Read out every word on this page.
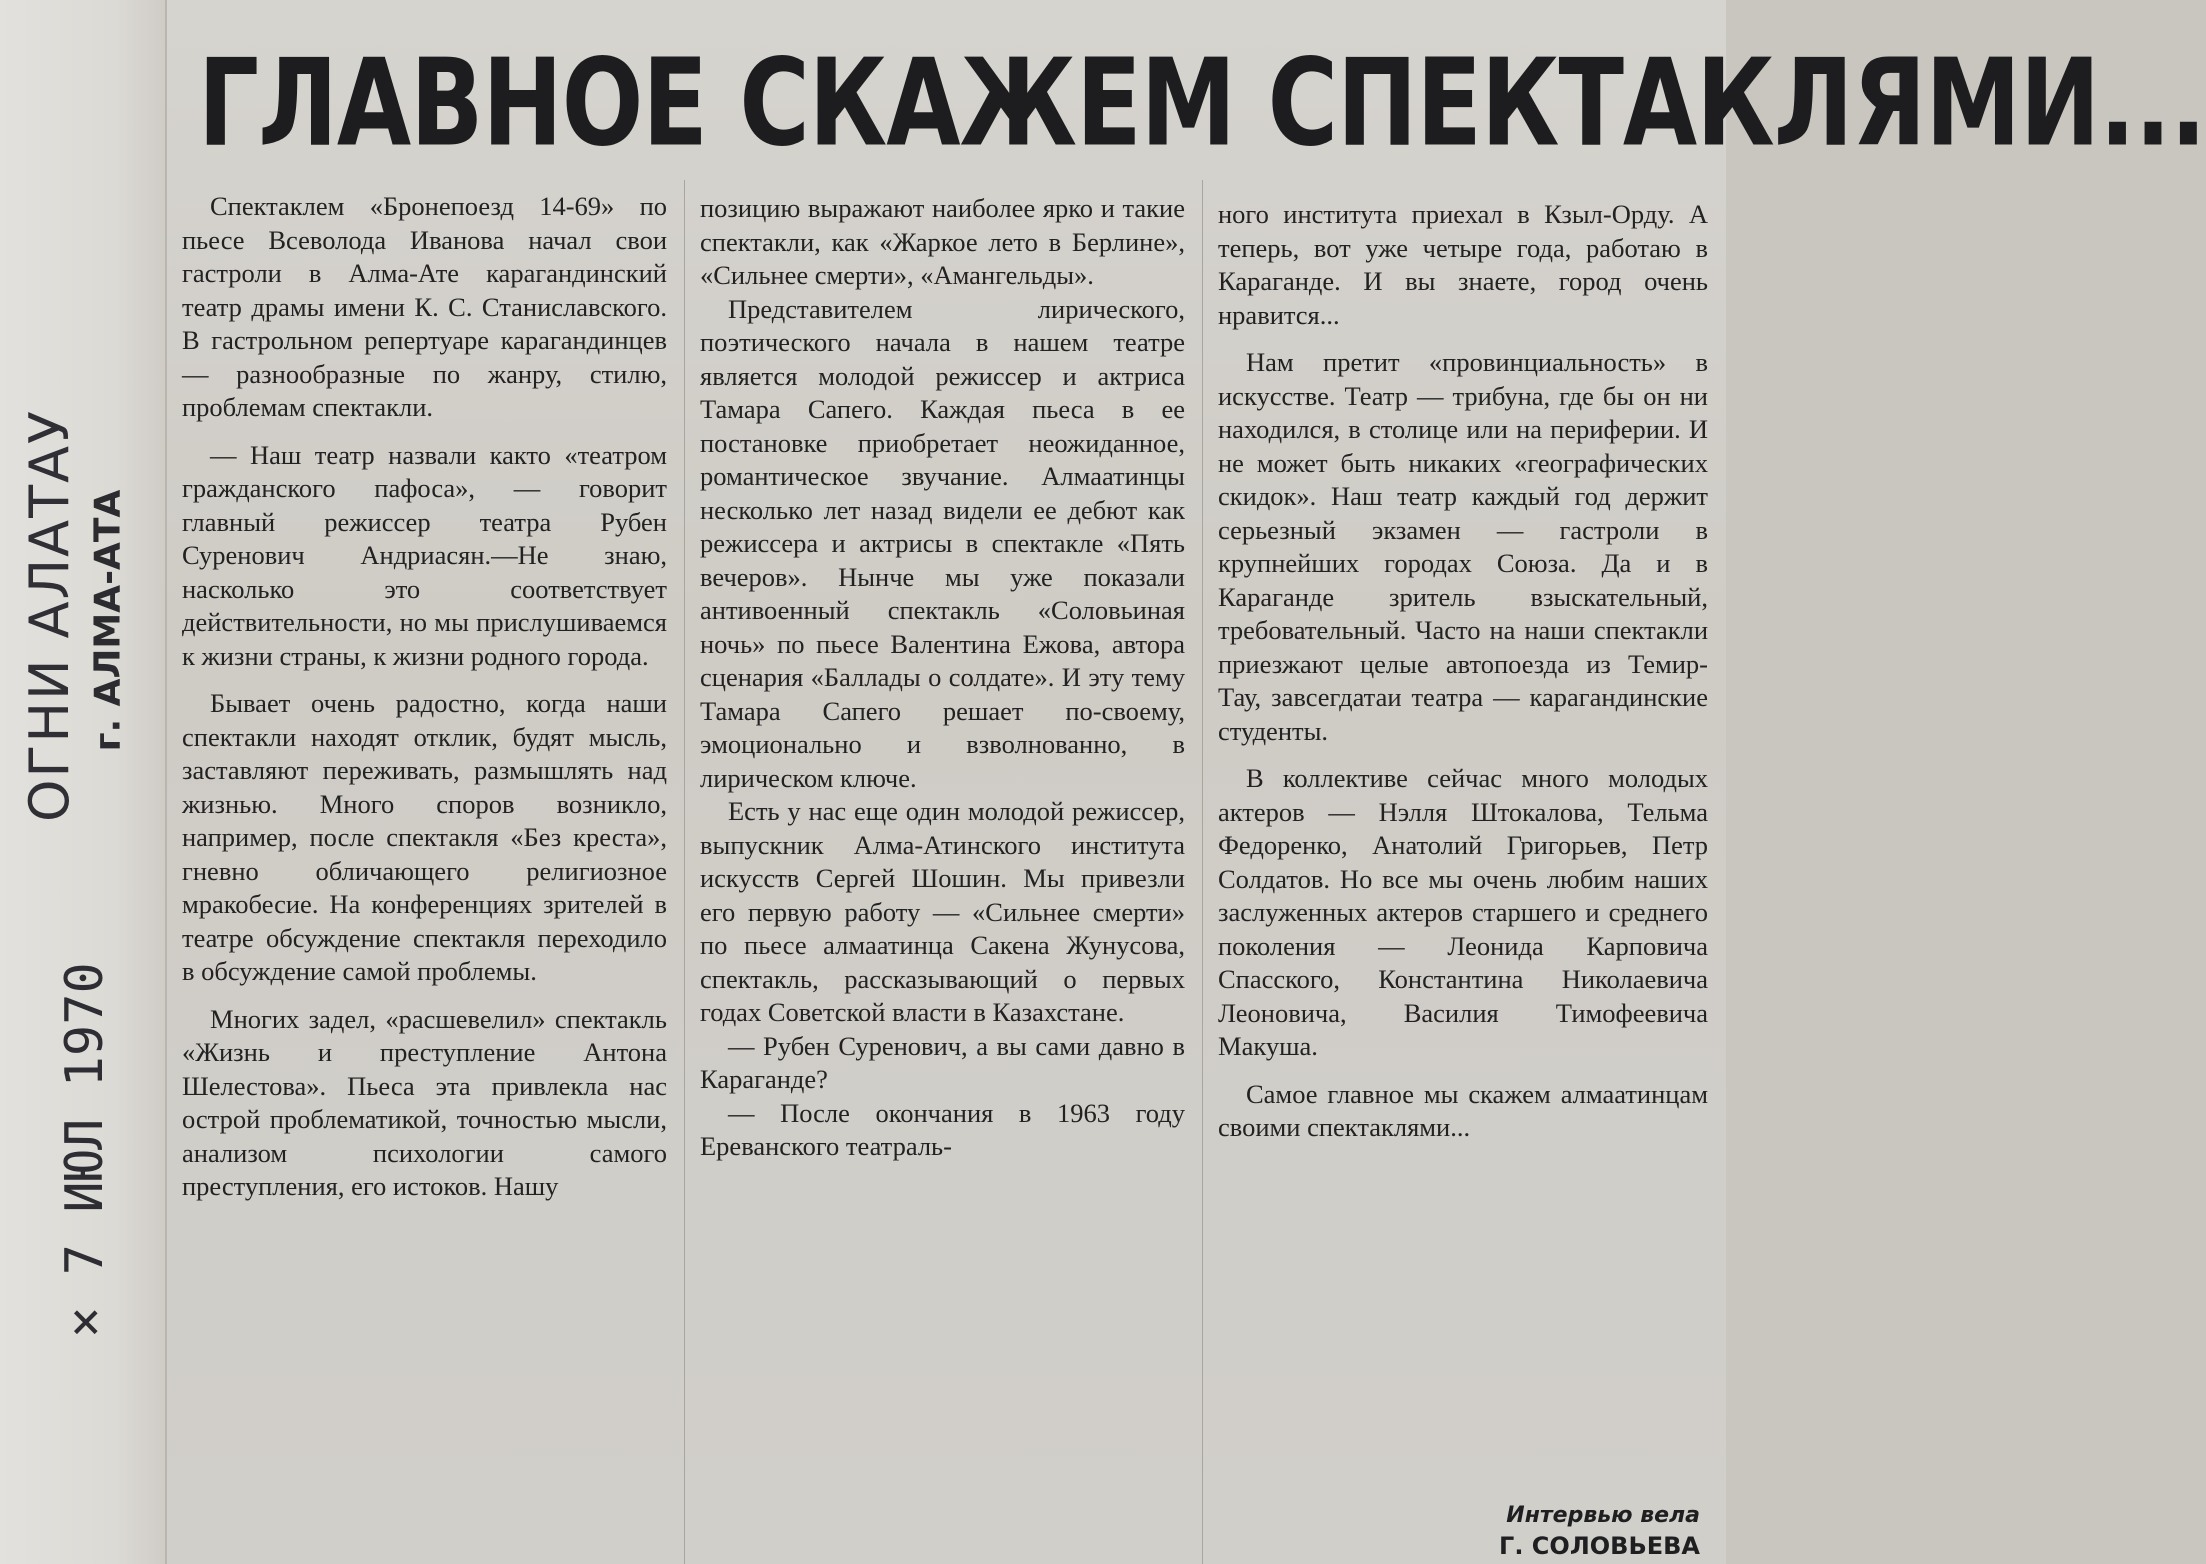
ОГНИ АЛАТАУ г. АЛМА-АТА
× 7 ИЮЛ 1970
ГЛАВНОЕ СКАЖЕМ СПЕКТАКЛЯМИ...

Спектаклем «Бронепоезд 14-69» по пьесе Всеволода Иванова начал свои гастроли в Алма-Ате карагандинский театр драмы имени К. С. Станиславского. В гастрольном репертуаре карагандинцев — разнообразные по жанру, стилю, проблемам спектакли.

— Наш театр назвали както «театром гражданского пафоса», — говорит главный режиссер театра Рубен Суренович Андриасян.—Не знаю, насколько это соответствует действительности, но мы прислушиваемся к жизни страны, к жизни родного города.

Бывает очень радостно, когда наши спектакли находят отклик, будят мысль, заставляют переживать, размышлять над жизнью. Много споров возникло, например, после спектакля «Без креста», гневно обличающего религиозное мракобесие. На конференциях зрителей в театре обсуждение спектакля переходило в обсуждение самой проблемы.

Многих задел, «расшевелил» спектакль «Жизнь и преступление Антона Шелестова». Пьеса эта привлекла нас острой проблематикой, точностью мысли, анализом психологии самого преступления, его истоков. Нашу

позицию выражают наиболее ярко и такие спектакли, как «Жаркое лето в Берлине», «Сильнее смерти», «Амангельды».

Представителем лирического, поэтического начала в нашем театре является молодой режиссер и актриса Тамара Сапего. Каждая пьеса в ее постановке приобретает неожиданное, романтическое звучание. Алмаатинцы несколько лет назад видели ее дебют как режиссера и актрисы в спектакле «Пять вечеров». Нынче мы уже показали антивоенный спектакль «Соловьиная ночь» по пьесе Валентина Ежова, автора сценария «Баллады о солдате». И эту тему Тамара Сапего решает по-своему, эмоционально и взволнованно, в лирическом ключе.

Есть у нас еще один молодой режиссер, выпускник Алма-Атинского института искусств Сергей Шошин. Мы привезли его первую работу — «Сильнее смерти» по пьесе алмаатинца Сакена Жунусова, спектакль, рассказывающий о первых годах Советской власти в Казахстане.

— Рубен Суренович, а вы сами давно в Караганде?

— После окончания в 1963 году Ереванского театраль-

ного института приехал в Кзыл-Орду. А теперь, вот уже четыре года, работаю в Караганде. И вы знаете, город очень нравится...

Нам претит «провинциальность» в искусстве. Театр — трибуна, где бы он ни находился, в столице или на периферии. И не может быть никаких «географических скидок». Наш театр каждый год держит серьезный экзамен — гастроли в крупнейших городах Союза. Да и в Караганде зритель взыскательный, требовательный. Часто на наши спектакли приезжают целые автопоезда из Темир-Тау, завсегдатаи театра — карагандинские студенты.

В коллективе сейчас много молодых актеров — Нэлля Штокалова, Тельма Федоренко, Анатолий Григорьев, Петр Солдатов. Но все мы очень любим наших заслуженных актеров старшего и среднего поколения — Леонида Карповича Спасского, Константина Николаевича Леоновича, Василия Тимофеевича Макуша.

Самое главное мы скажем алмаатинцам своими спектаклями...

Интервью вела
Г. СОЛОВЬЕВА
